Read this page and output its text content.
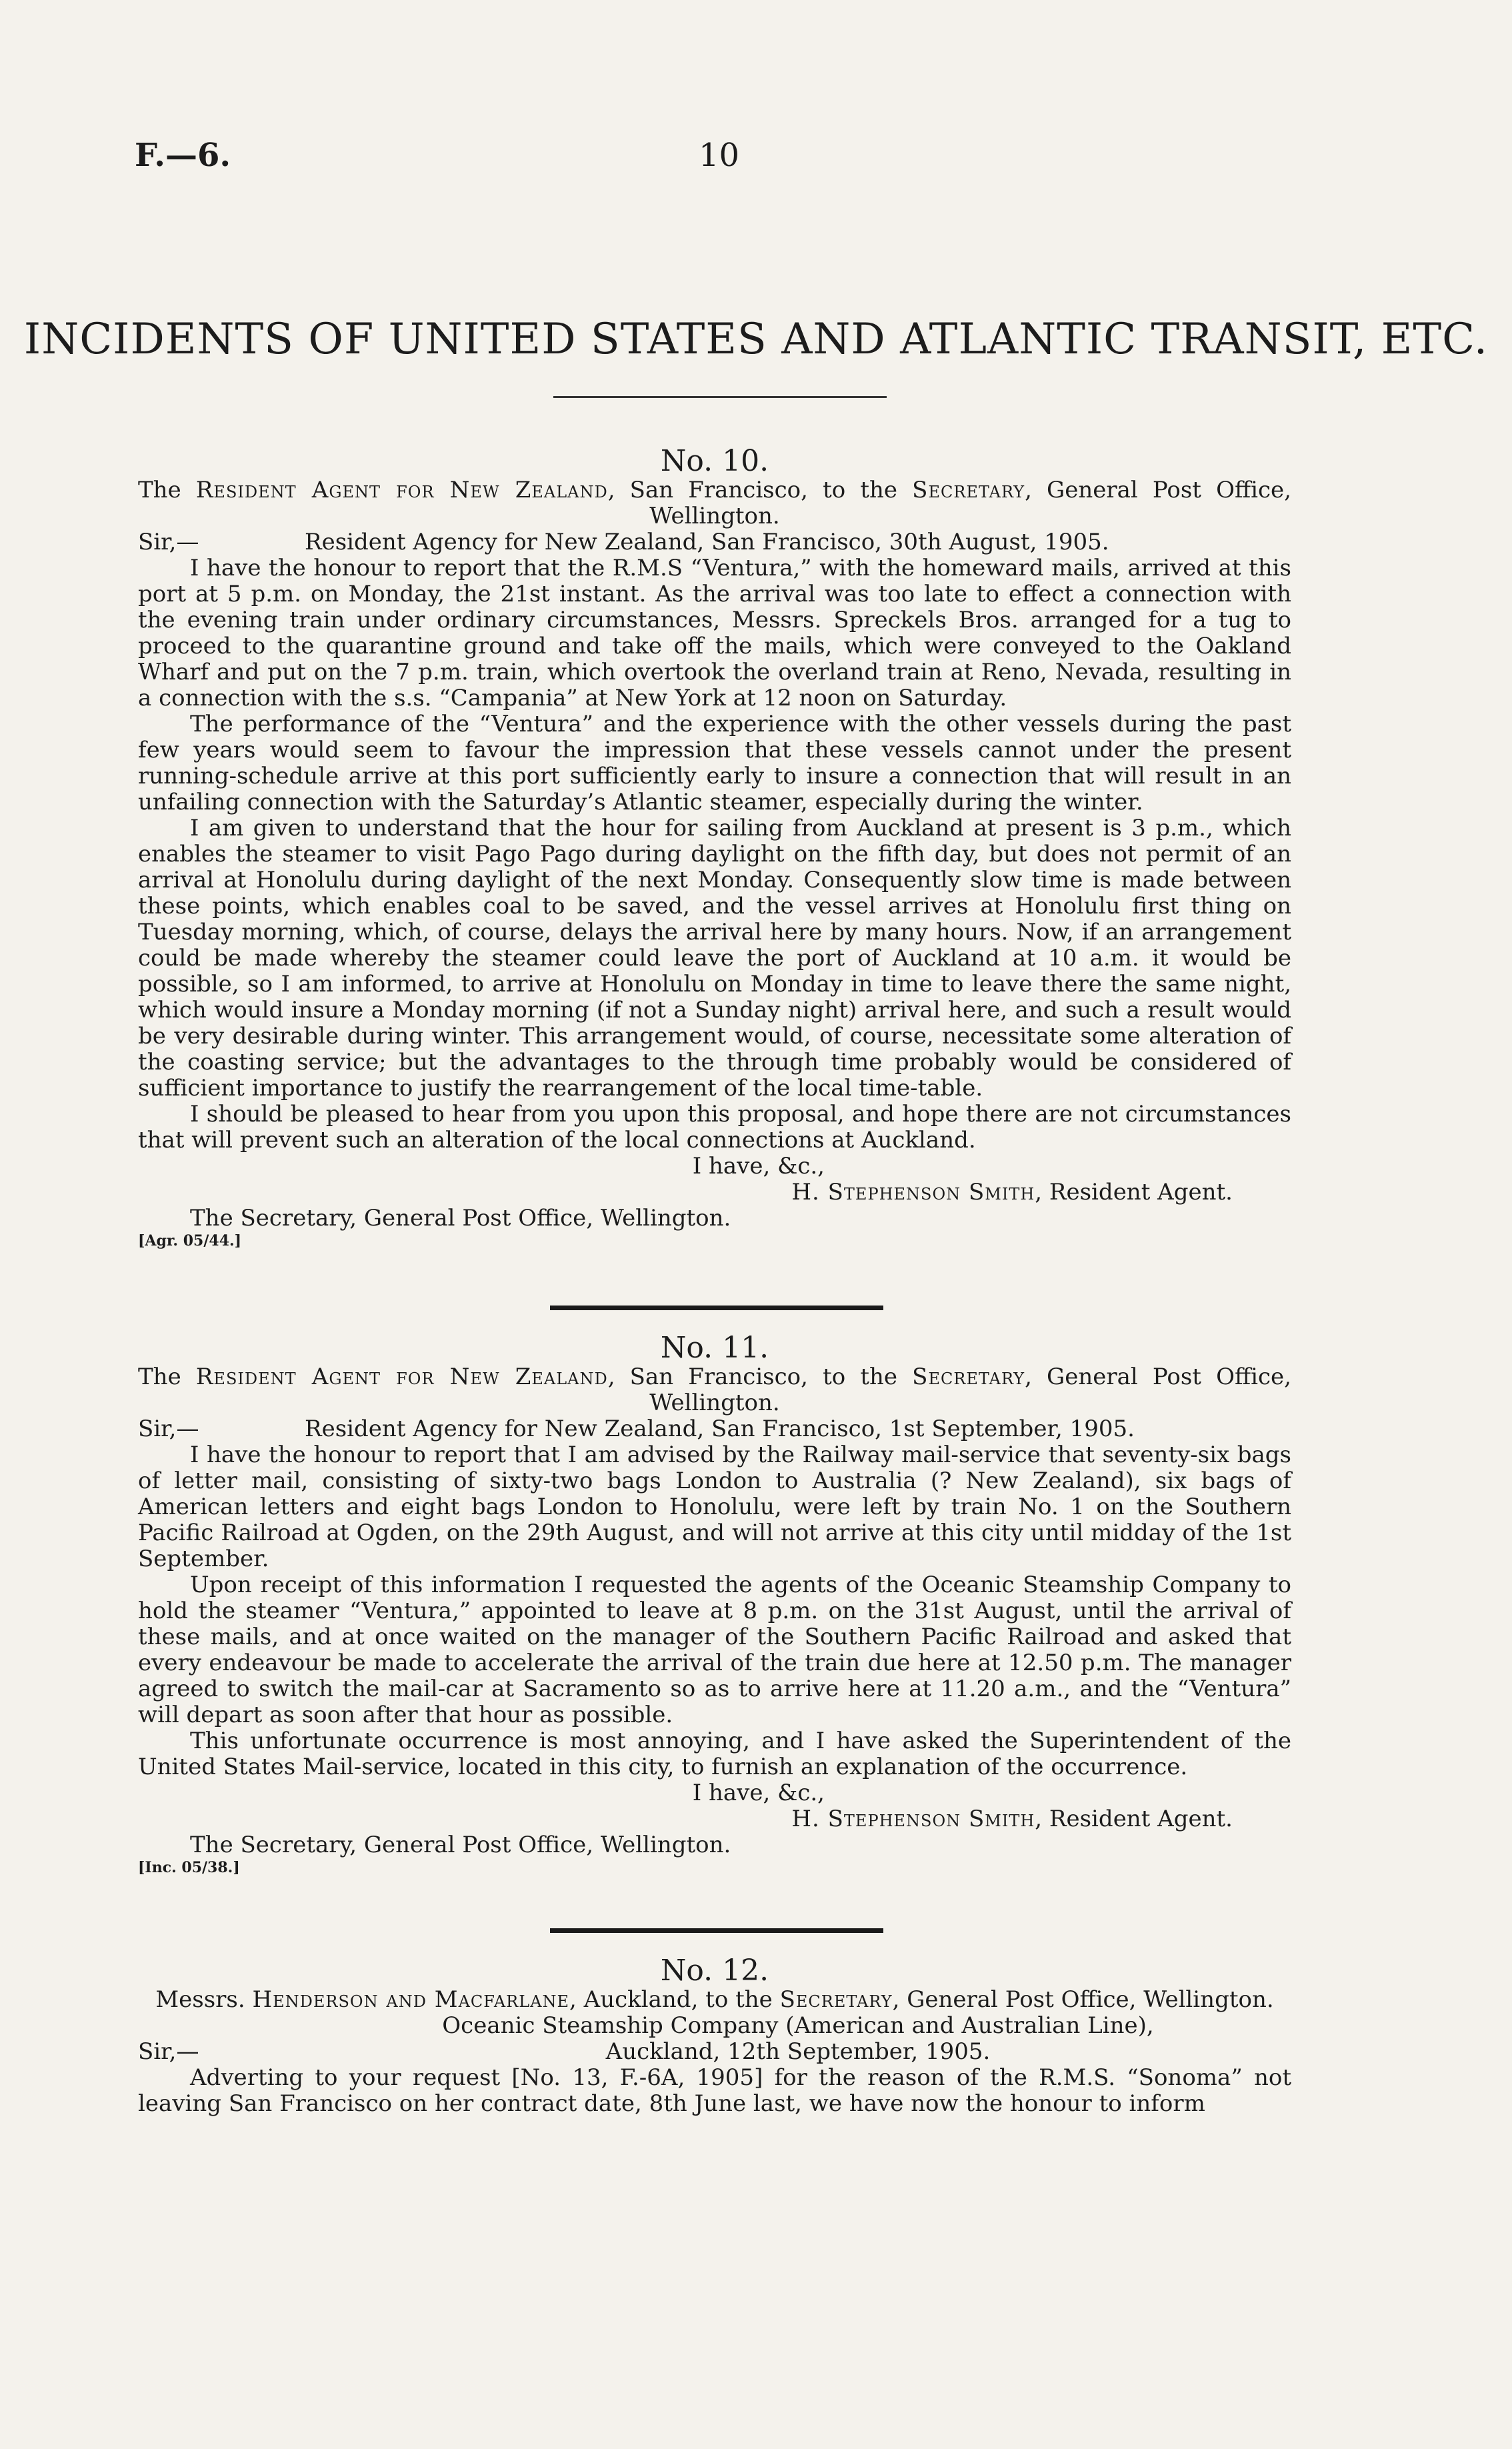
F.—6.	10
INCIDENTS OF UNITED STATES AND ATLANTIC TRANSIT, ETC.

No. 10.

The Resident Agent for New Zealand, San Francisco, to the Secretary, General Post Office, Wellington.

Sir,—	Resident Agency for New Zealand, San Francisco, 30th August, 1905.

I have the honour to report that the R.M.S “Ventura,” with the homeward mails, arrived at this port at 5 p.m. on Monday, the 21st instant. As the arrival was too late to effect a connection with the evening train under ordinary circumstances, Messrs. Spreckels Bros. arranged for a tug to proceed to the quarantine ground and take off the mails, which were conveyed to the Oakland Wharf and put on the 7 p.m. train, which overtook the overland train at Reno, Nevada, resulting in a connection with the s.s. “Campania” at New York at 12 noon on Saturday.

The performance of the “Ventura” and the experience with the other vessels during the past few years would seem to favour the impression that these vessels cannot under the present running-schedule arrive at this port sufficiently early to insure a connection that will result in an unfailing connection with the Saturday’s Atlantic steamer, especially during the winter.

I am given to understand that the hour for sailing from Auckland at present is 3 p.m., which enables the steamer to visit Pago Pago during daylight on the fifth day, but does not permit of an arrival at Honolulu during daylight of the next Monday. Consequently slow time is made between these points, which enables coal to be saved, and the vessel arrives at Honolulu first thing on Tuesday morning, which, of course, delays the arrival here by many hours. Now, if an arrangement could be made whereby the steamer could leave the port of Auckland at 10 a.m. it would be possible, so I am informed, to arrive at Honolulu on Monday in time to leave there the same night, which would insure a Monday morning (if not a Sunday night) arrival here, and such a result would be very desirable during winter. This arrangement would, of course, necessitate some alteration of the coasting service; but the advantages to the through time probably would be considered of sufficient importance to justify the rearrangement of the local time-table.

I should be pleased to hear from you upon this proposal, and hope there are not circumstances that will prevent such an alteration of the local connections at Auckland.

I have, &c.,

H. Stephenson Smith, Resident Agent.

The Secretary, General Post Office, Wellington.

[Agr. 05/44.]

No. 11.

The Resident Agent for New Zealand, San Francisco, to the Secretary, General Post Office, Wellington.

Sir,—	Resident Agency for New Zealand, San Francisco, 1st September, 1905.

I have the honour to report that I am advised by the Railway mail-service that seventy-six bags of letter mail, consisting of sixty-two bags London to Australia (? New Zealand), six bags of American letters and eight bags London to Honolulu, were left by train No. 1 on the Southern Pacific Railroad at Ogden, on the 29th August, and will not arrive at this city until midday of the 1st September.

Upon receipt of this information I requested the agents of the Oceanic Steamship Company to hold the steamer “Ventura,” appointed to leave at 8 p.m. on the 31st August, until the arrival of these mails, and at once waited on the manager of the Southern Pacific Railroad and asked that every endeavour be made to accelerate the arrival of the train due here at 12.50 p.m. The manager agreed to switch the mail-car at Sacramento so as to arrive here at 11.20 a.m., and the “Ventura” will depart as soon after that hour as possible.

This unfortunate occurrence is most annoying, and I have asked the Superintendent of the United States Mail-service, located in this city, to furnish an explanation of the occurrence.

I have, &c.,

H. Stephenson Smith, Resident Agent.

The Secretary, General Post Office, Wellington.

[Inc. 05/38.]

No. 12.

Messrs. Henderson and Macfarlane, Auckland, to the Secretary, General Post Office, Wellington.

Sir,—
Oceanic Steamship Company (American and Australian Line),
Auckland, 12th September, 1905.

Adverting to your request [No. 13, F.-6A, 1905] for the reason of the R.M.S. “Sonoma” not leaving San Francisco on her contract date, 8th June last, we have now the honour to inform
